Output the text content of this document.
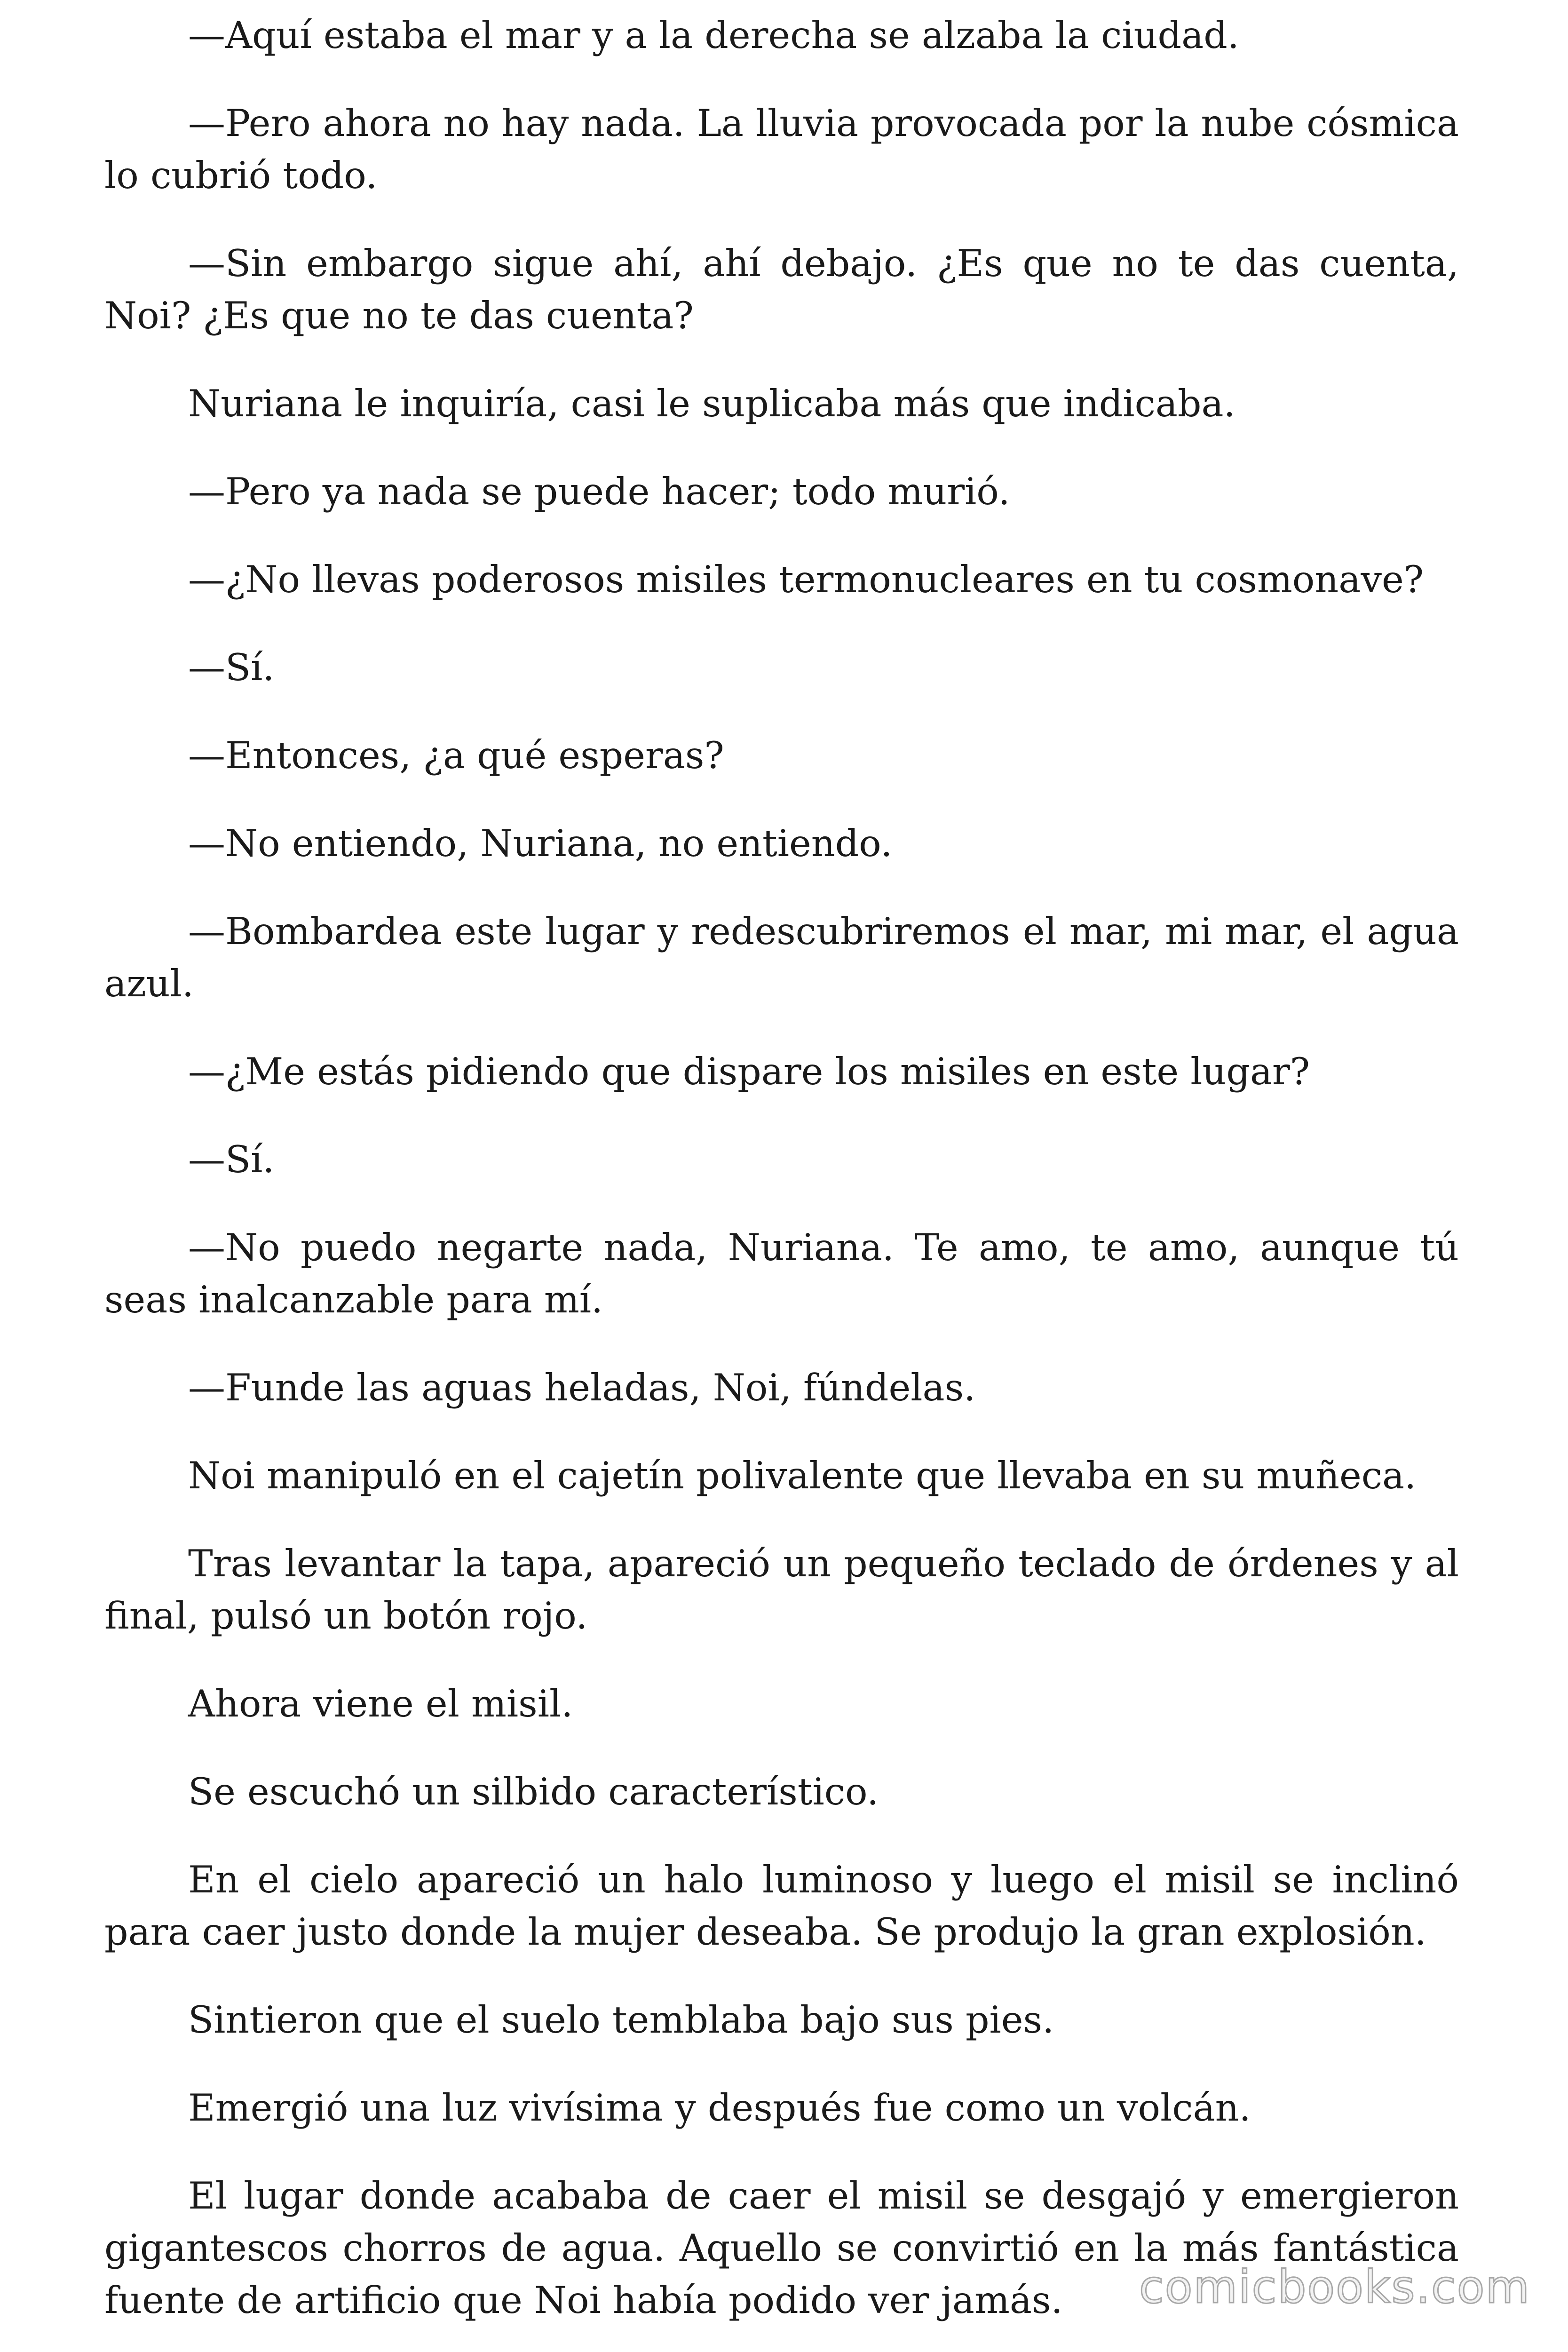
—Aquí estaba el mar y a la derecha se alzaba la ciudad.

—Pero ahora no hay nada. La lluvia provocada por la nube cósmica lo cubrió todo.

—Sin embargo sigue ahí, ahí debajo. ¿Es que no te das cuenta, Noi? ¿Es que no te das cuenta?

Nuriana le inquiría, casi le suplicaba más que indicaba.

—Pero ya nada se puede hacer; todo murió.

—¿No llevas poderosos misiles termonucleares en tu cosmonave?

—Sí.

—Entonces, ¿a qué esperas?

—No entiendo, Nuriana, no entiendo.

—Bombardea este lugar y redescubriremos el mar, mi mar, el agua azul.

—¿Me estás pidiendo que dispare los misiles en este lugar?

—Sí.

—No puedo negarte nada, Nuriana. Te amo, te amo, aunque tú seas inalcanzable para mí.

—Funde las aguas heladas, Noi, fúndelas.

Noi manipuló en el cajetín polivalente que llevaba en su muñeca.

Tras levantar la tapa, apareció un pequeño teclado de órdenes y al final, pulsó un botón rojo.

Ahora viene el misil.

Se escuchó un silbido característico.

En el cielo apareció un halo luminoso y luego el misil se inclinó para caer justo donde la mujer deseaba. Se produjo la gran explosión.

Sintieron que el suelo temblaba bajo sus pies.

Emergió una luz vivísima y después fue como un volcán.

El lugar donde acababa de caer el misil se desgajó y emergieron gigantescos chorros de agua. Aquello se convirtió en la más fantástica fuente de artificio que Noi había podido ver jamás.	comicbooks.com
